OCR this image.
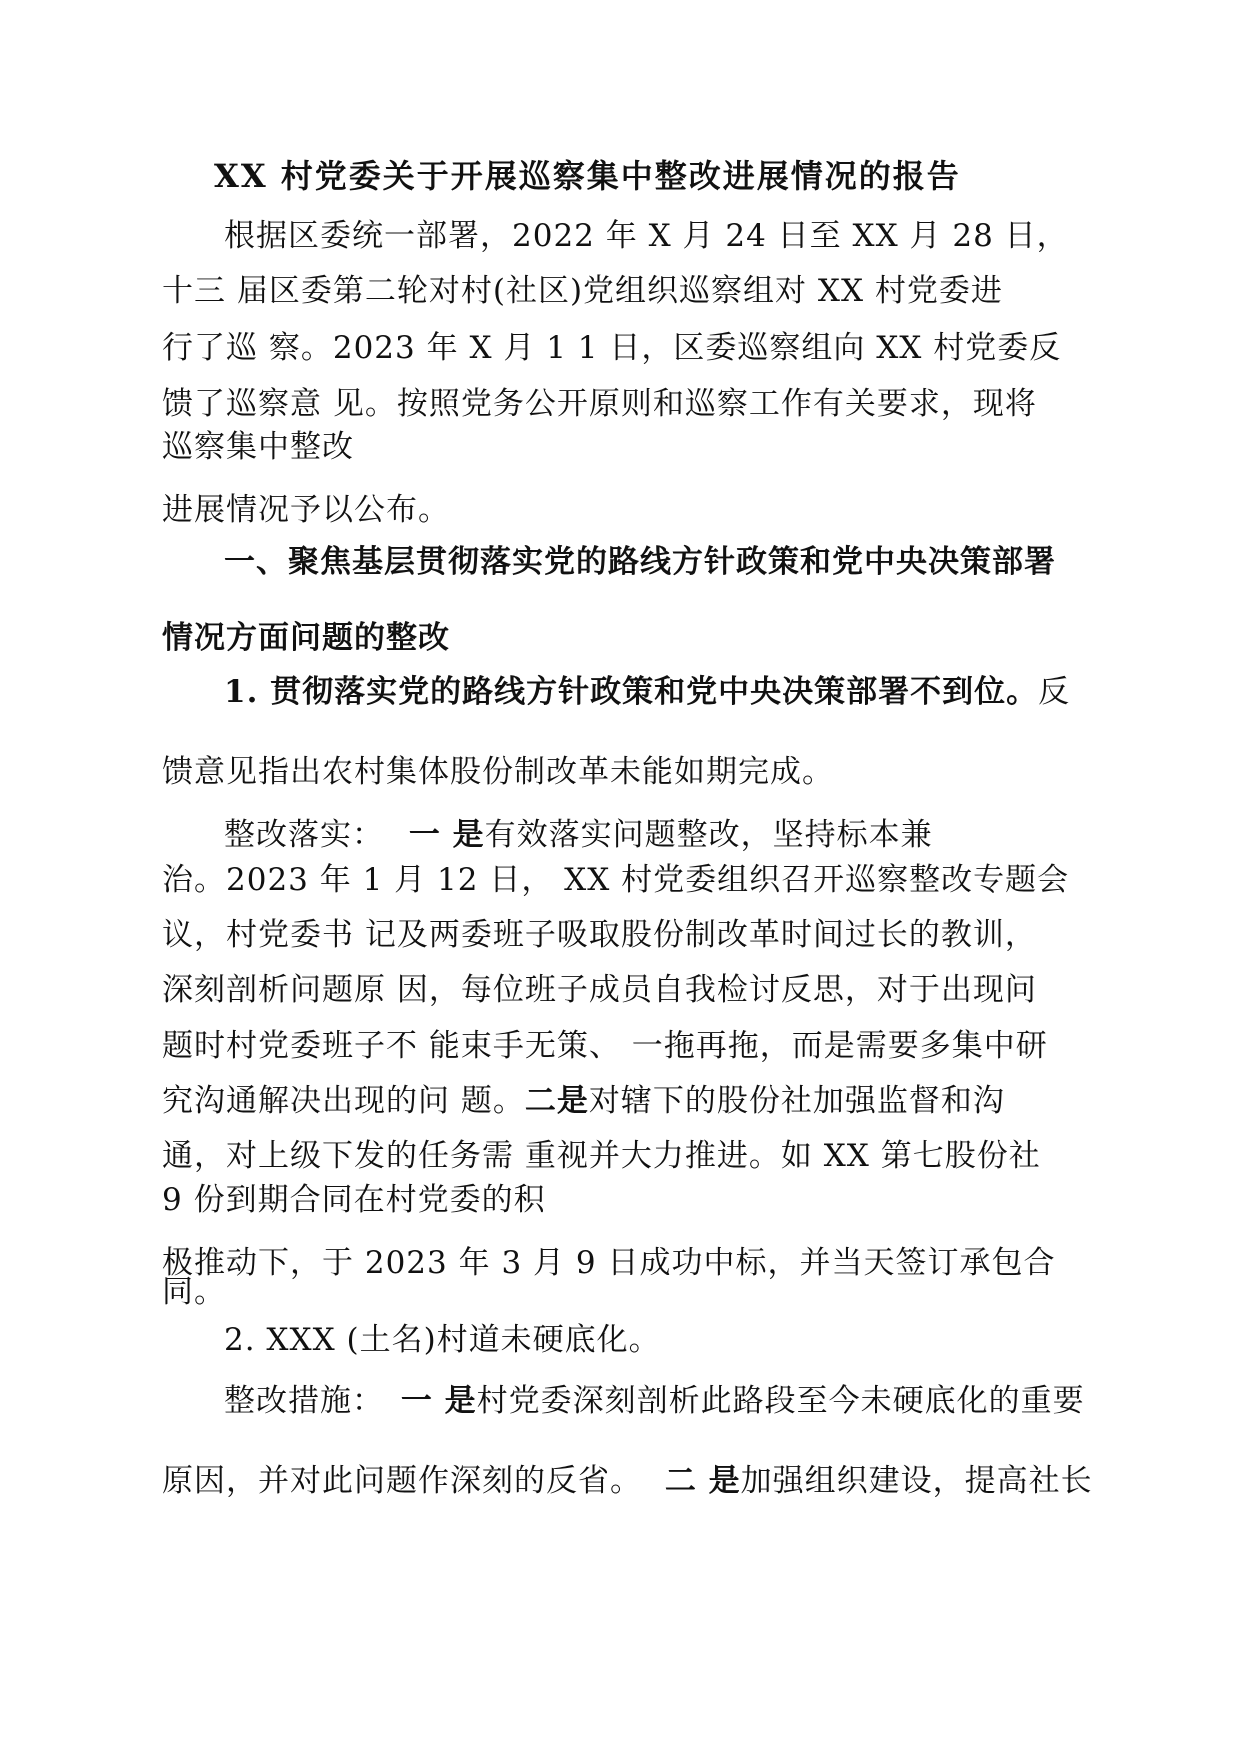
XX 村党委关于开展巡察集中整改进展情况的报告
根据区委统一部署，2022 年 X 月 24 日至 XX 月 28 日，
十三 届区委第二轮对村(社区)党组织巡察组对 XX 村党委进
行了巡 察。2023 年 X 月 1 1 日，区委巡察组向 XX 村党委反
馈了巡察意 见。按照党务公开原则和巡察工作有关要求，现将
巡察集中整改
进展情况予以公布。
一、聚焦基层贯彻落实党的路线方针政策和党中央决策部署
情况方面问题的整改
1. 贯彻落实党的路线方针政策和党中央决策部署不到位。反
馈意见指出农村集体股份制改革未能如期完成。
整改落实： 一 是有效落实问题整改，坚持标本兼
治。2023 年 1 月 12 日， XX 村党委组织召开巡察整改专题会
议，村党委书 记及两委班子吸取股份制改革时间过长的教训，
深刻剖析问题原 因，每位班子成员自我检讨反思，对于出现问
题时村党委班子不 能束手无策、 一拖再拖，而是需要多集中研
究沟通解决出现的问 题。二是对辖下的股份社加强监督和沟
通，对上级下发的任务需 重视并大力推进。如 XX 第七股份社
9 份到期合同在村党委的积
极推动下，于 2023 年 3 月 9 日成功中标，并当天签订承包合
同。
2. XXX (土名)村道未硬底化。
整改措施： 一 是村党委深刻剖析此路段至今未硬底化的重要
原因，并对此问题作深刻的反省。 二 是加强组织建设，提高社长
